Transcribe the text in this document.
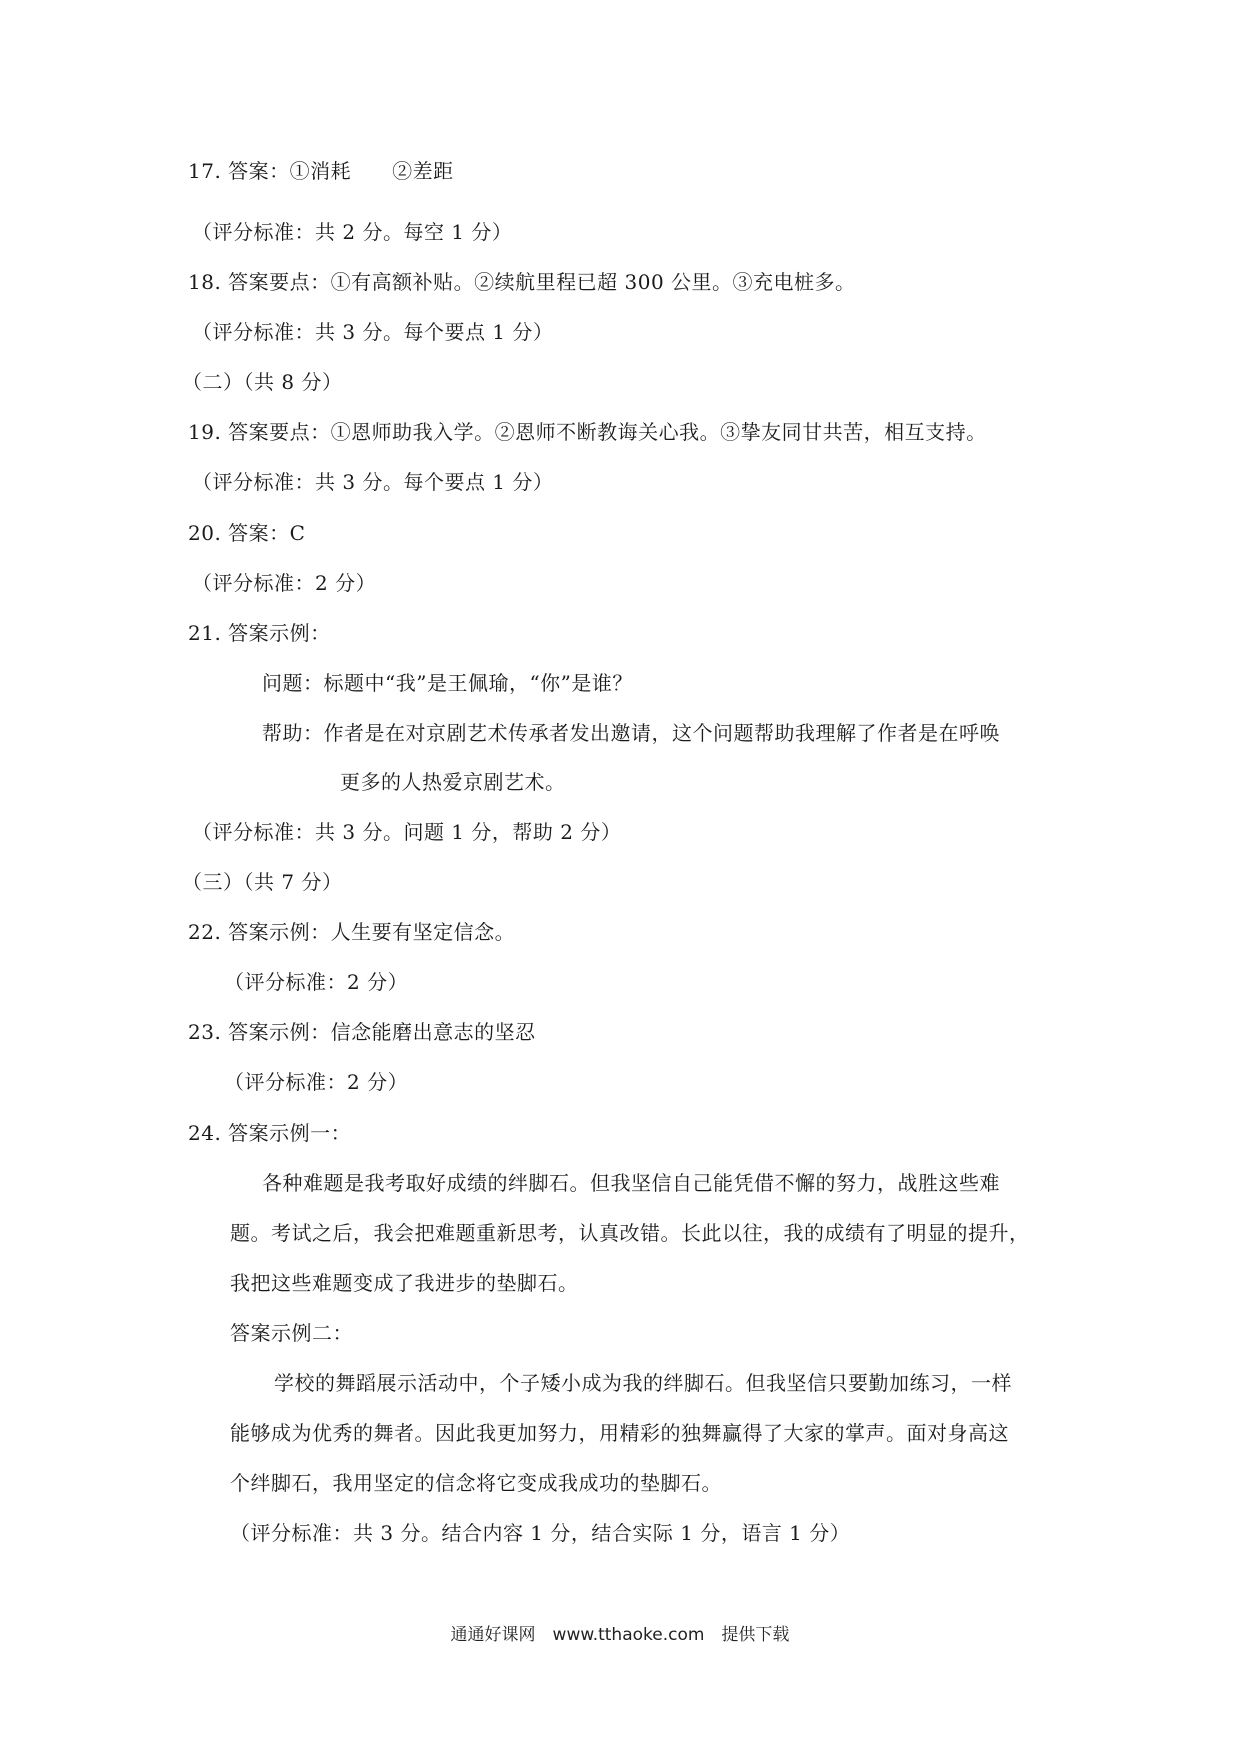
17. 答案：①消耗　　②差距
（评分标准：共 2 分。每空 1 分）
18. 答案要点：①有高额补贴。②续航里程已超 300 公里。③充电桩多。
（评分标准：共 3 分。每个要点 1 分）
（二）（共 8 分）
19. 答案要点：①恩师助我入学。②恩师不断教诲关心我。③挚友同甘共苦，相互支持。
（评分标准：共 3 分。每个要点 1 分）
20. 答案：C
（评分标准：2 分）
21. 答案示例：
问题：标题中“我”是王佩瑜，“你”是谁？
帮助：作者是在对京剧艺术传承者发出邀请，这个问题帮助我理解了作者是在呼唤
更多的人热爱京剧艺术。
（评分标准：共 3 分。问题 1 分，帮助 2 分）
（三）（共 7 分）
22. 答案示例：人生要有坚定信念。
（评分标准：2 分）
23. 答案示例：信念能磨出意志的坚忍
（评分标准：2 分）
24. 答案示例一：
各种难题是我考取好成绩的绊脚石。但我坚信自己能凭借不懈的努力，战胜这些难
题。考试之后，我会把难题重新思考，认真改错。长此以往，我的成绩有了明显的提升，
我把这些难题变成了我进步的垫脚石。
答案示例二：
学校的舞蹈展示活动中，个子矮小成为我的绊脚石。但我坚信只要勤加练习，一样
能够成为优秀的舞者。因此我更加努力，用精彩的独舞赢得了大家的掌声。面对身高这
个绊脚石，我用坚定的信念将它变成我成功的垫脚石。
（评分标准：共 3 分。结合内容 1 分，结合实际 1 分，语言 1 分）
通通好课网　www.tthaoke.com　提供下载
